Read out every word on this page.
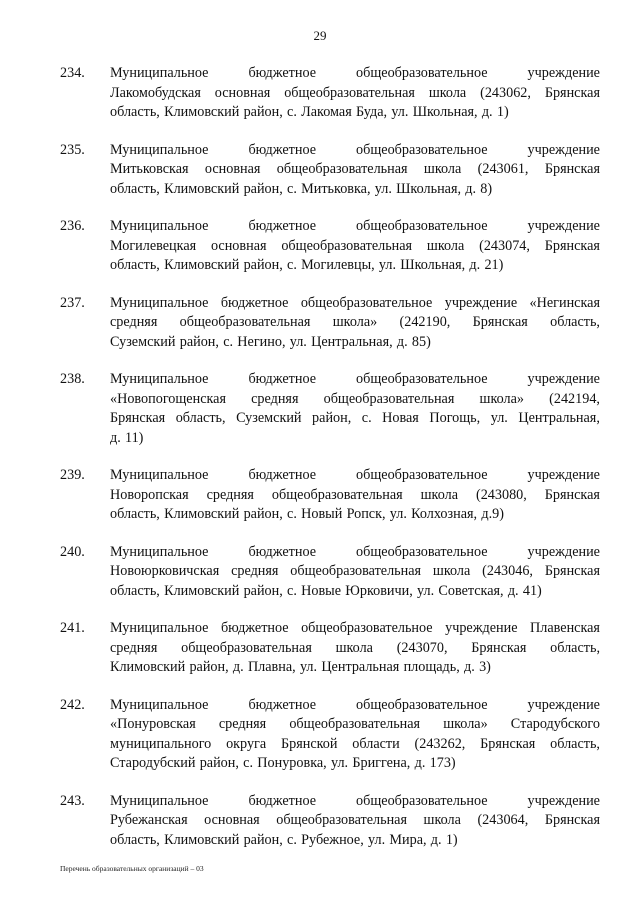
29
234.	Муниципальное	бюджетное	общеобразовательное	учреждение
Лакомобудская основная общеобразовательная школа (243062, Брянская
область, Климовский район, с. Лакомая Буда, ул. Школьная, д. 1)
235.	Муниципальное	бюджетное	общеобразовательное	учреждение
Митьковская основная общеобразовательная школа (243061, Брянская
область, Климовский район, с. Митьковка, ул. Школьная, д. 8)
236.	Муниципальное	бюджетное	общеобразовательное	учреждение
Могилевецкая основная общеобразовательная школа (243074, Брянская
область, Климовский район, с. Могилевцы, ул. Школьная, д. 21)
237.	Муниципальное бюджетное общеобразовательное учреждение «Негинская
средняя общеобразовательная школа» (242190, Брянская область,
Суземский район, с. Негино, ул. Центральная, д. 85)
238.	Муниципальное	бюджетное	общеобразовательное	учреждение
«Новопогощенская средняя общеобразовательная школа» (242194,
Брянская область, Суземский район, с. Новая Погощь, ул. Центральная,
д. 11)
239.	Муниципальное	бюджетное	общеобразовательное	учреждение
Новоропская средняя общеобразовательная школа (243080, Брянская
область, Климовский район, с. Новый Ропск, ул. Колхозная, д.9)
240.	Муниципальное	бюджетное	общеобразовательное	учреждение
Новоюрковичская средняя общеобразовательная школа (243046, Брянская
область, Климовский район, с. Новые Юрковичи, ул. Советская, д. 41)
241.	Муниципальное бюджетное общеобразовательное учреждение Плавенская
средняя общеобразовательная школа (243070, Брянская область,
Климовский район, д. Плавна, ул. Центральная площадь, д. 3)
242.	Муниципальное	бюджетное	общеобразовательное	учреждение
«Понуровская средняя общеобразовательная школа» Стародубского
муниципального округа Брянской области (243262, Брянская область,
Стародубский район, с. Понуровка, ул. Бриггена, д. 173)
243.	Муниципальное	бюджетное	общеобразовательное	учреждение
Рубежанская основная общеобразовательная школа (243064, Брянская
область, Климовский район, с. Рубежное, ул. Мира, д. 1)
Перечень образовательных организаций – 03
